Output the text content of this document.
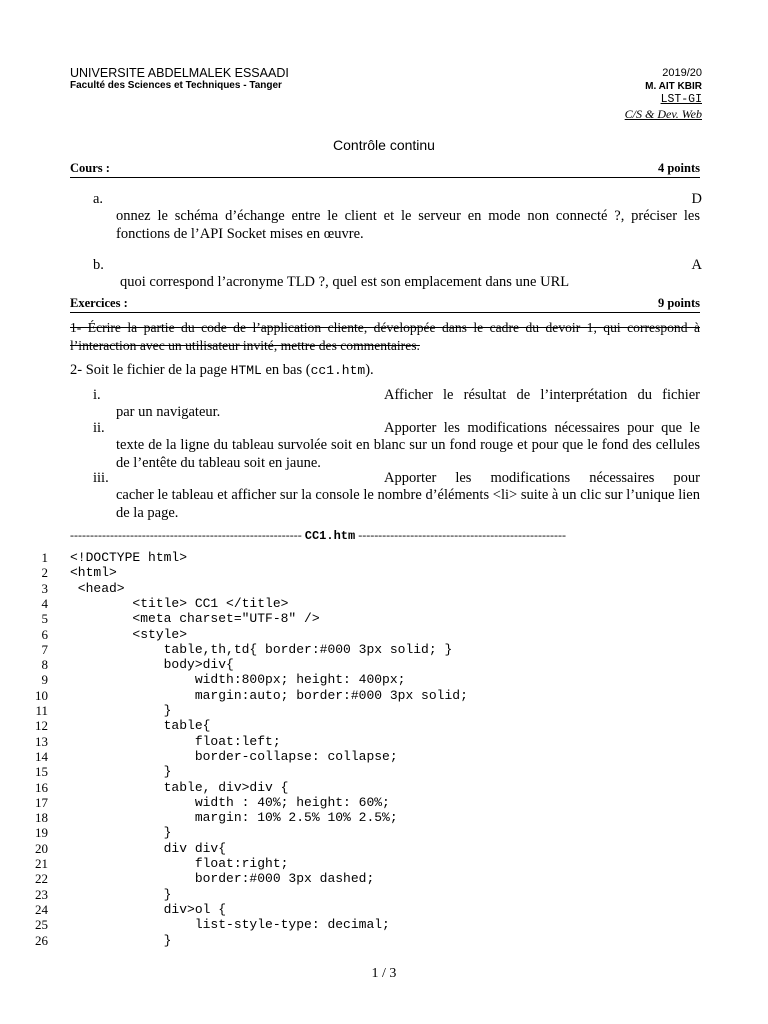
UNIVERSITE ABDELMALEK ESSAADI
Faculté des Sciences et Techniques - Tanger
2019/20
M. AIT KBIR
LST-GI
C/S & Dev. Web
Contrôle continu
Cours :	4 points
a.	D
onnez le schéma d’échange entre le client et le serveur en mode non connecté ?, préciser les fonctions de l’API Socket mises en œuvre.
b.	A
quoi correspond l’acronyme TLD ?, quel est son emplacement dans une URL
Exercices :	9 points
1- Écrire la partie du code de l’application cliente, développée dans le cadre du devoir 1, qui correspond à l’interaction avec un utilisateur invité, mettre des commentaires.
2- Soit le fichier de la page HTML en bas (cc1.htm).
i.	Afficher le résultat de l’interprétation du fichier
par un navigateur.
ii.	Apporter les modifications nécessaires pour que le
texte de la ligne du tableau survolée soit en blanc sur un fond rouge et pour que le fond des cellules de l’entête du tableau soit en jaune.
iii.	Apporter les modifications nécessaires pour
cacher le tableau et afficher sur la console le nombre d’éléments <li> suite à un clic sur l’unique lien de la page.
---------------------------------------------------------- CC1.htm ----------------------------------------------------
1 <!DOCTYPE html>
2 <html>
3 <head>
4 <title> CC1 </title>
5 <meta charset="UTF-8" />
6 <style>
7 table,th,td{ border:#000 3px solid; }
8 body>div{
9 width:800px; height: 400px;
10 margin:auto; border:#000 3px solid;
11 }
12 table{
13 float:left;
14 border-collapse: collapse;
15 }
16 table, div>div {
17 width : 40%; height: 60%;
18 margin: 10% 2.5% 10% 2.5%;
19 }
20 div div{
21 float:right;
22 border:#000 3px dashed;
23 }
24 div>ol {
25 list-style-type: decimal;
26 }
1 / 3
